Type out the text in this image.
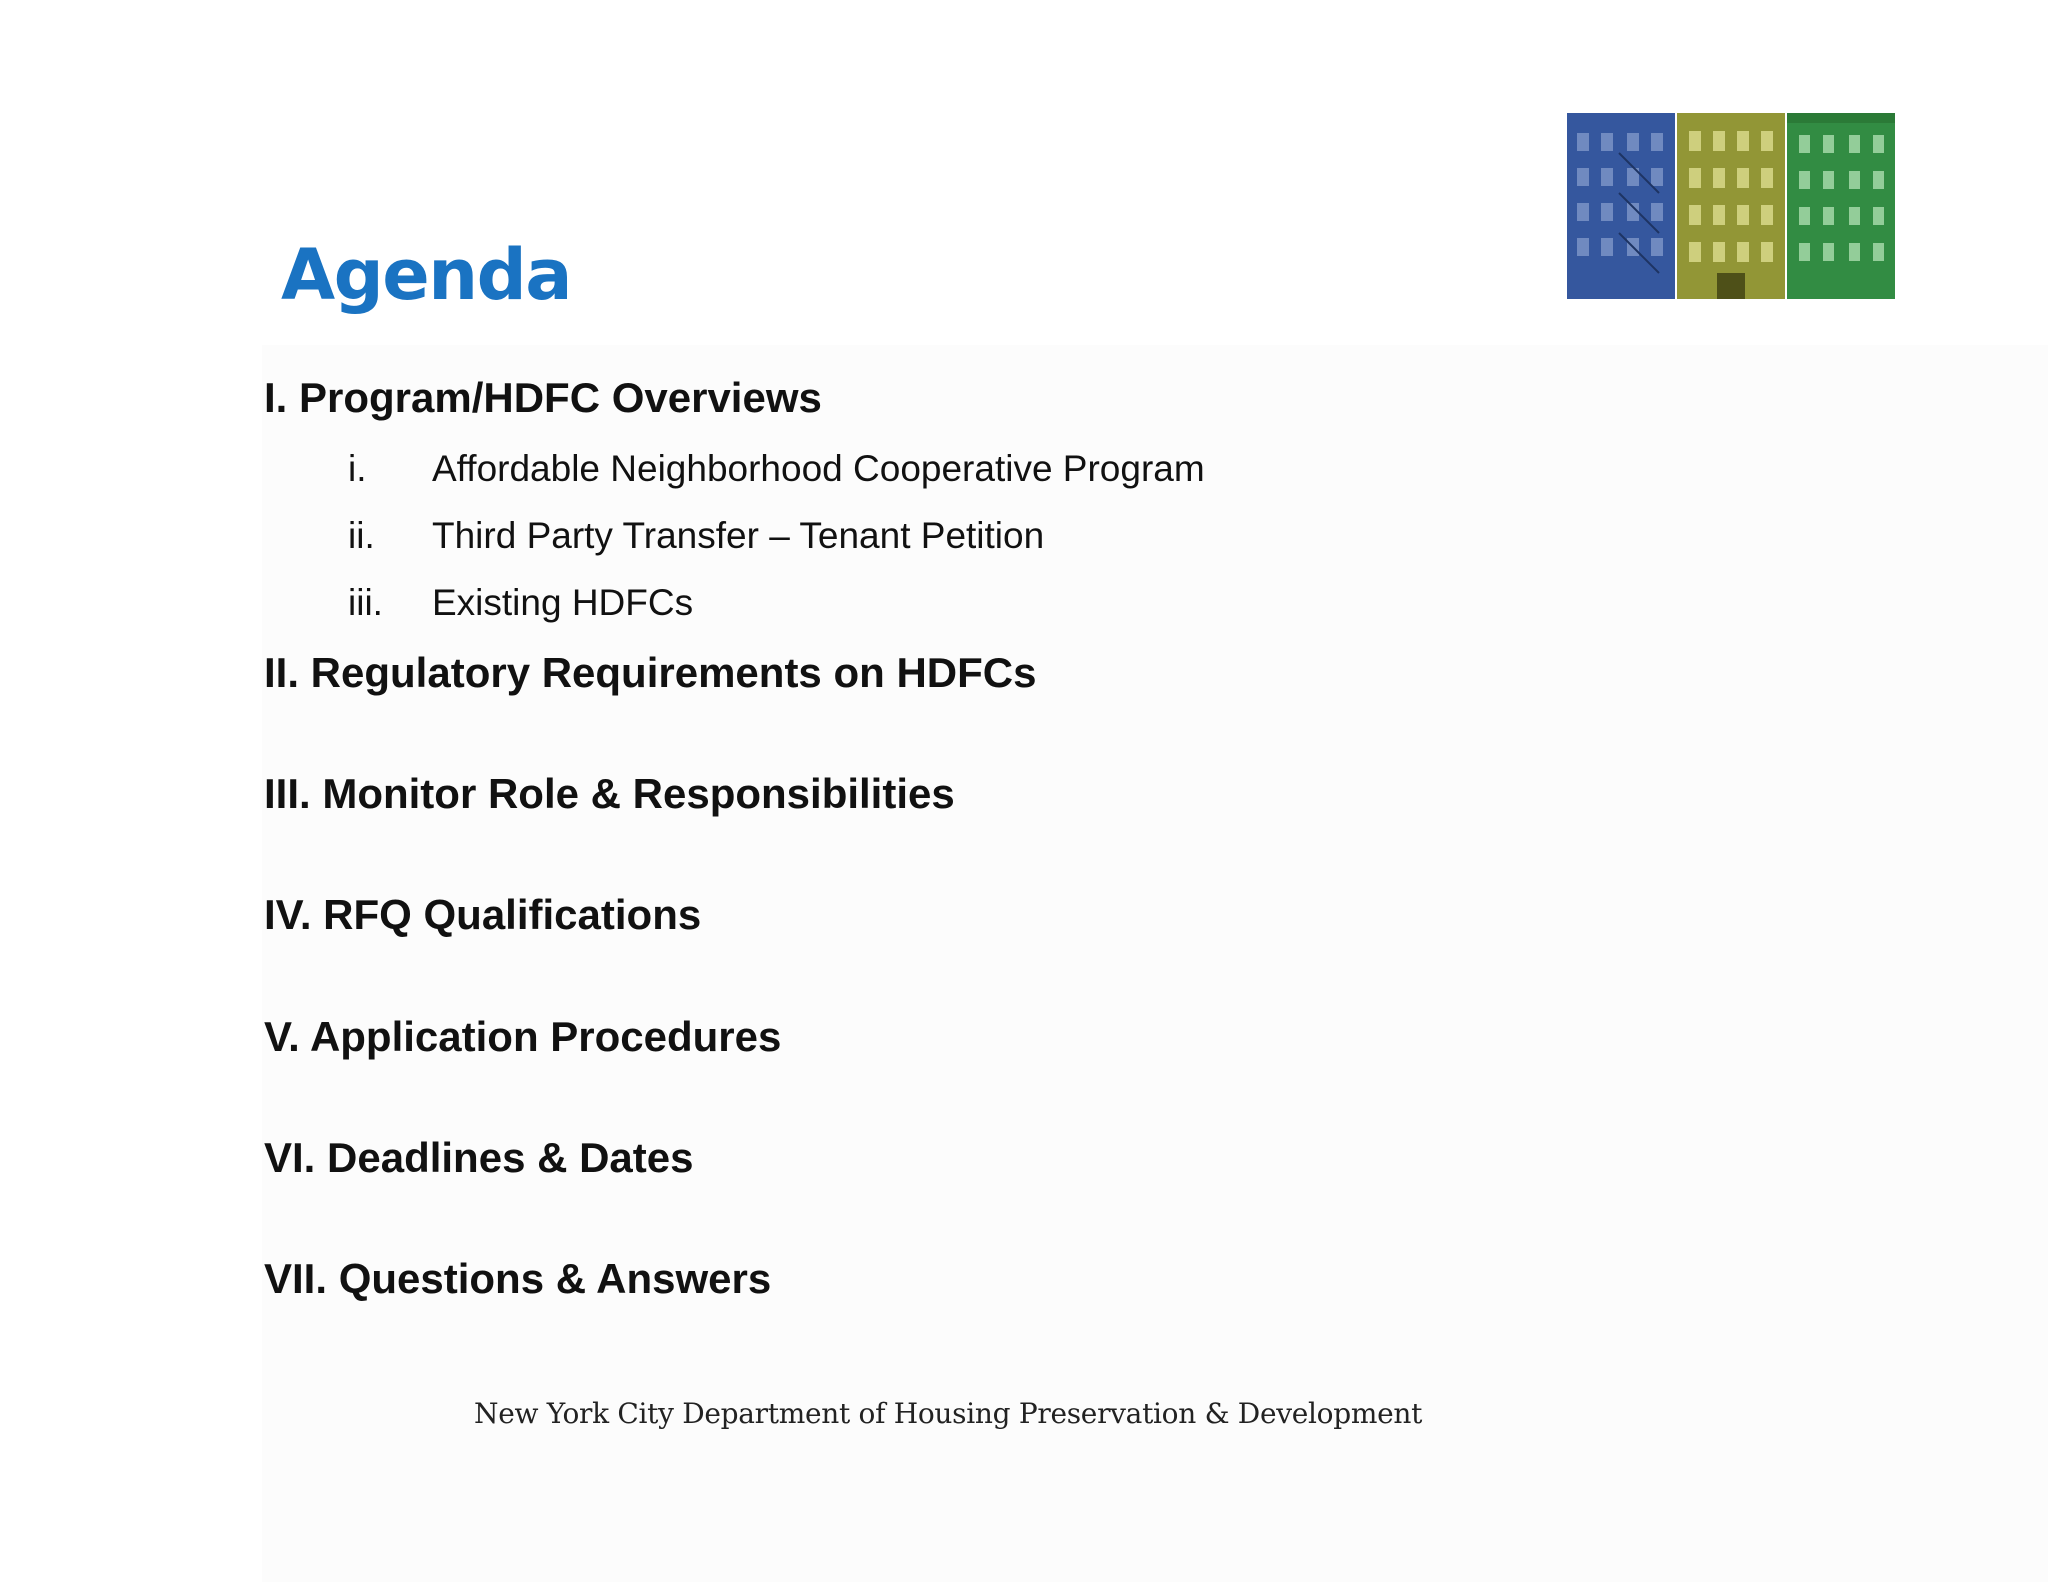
Agenda
I. Program/HDFC Overviews
i. Affordable Neighborhood Cooperative Program
ii. Third Party Transfer – Tenant Petition
iii. Existing HDFCs
II. Regulatory Requirements on HDFCs
III. Monitor Role & Responsibilities
IV. RFQ Qualifications
V. Application Procedures
VI. Deadlines & Dates
VII. Questions & Answers
New York City Department of Housing Preservation & Development
